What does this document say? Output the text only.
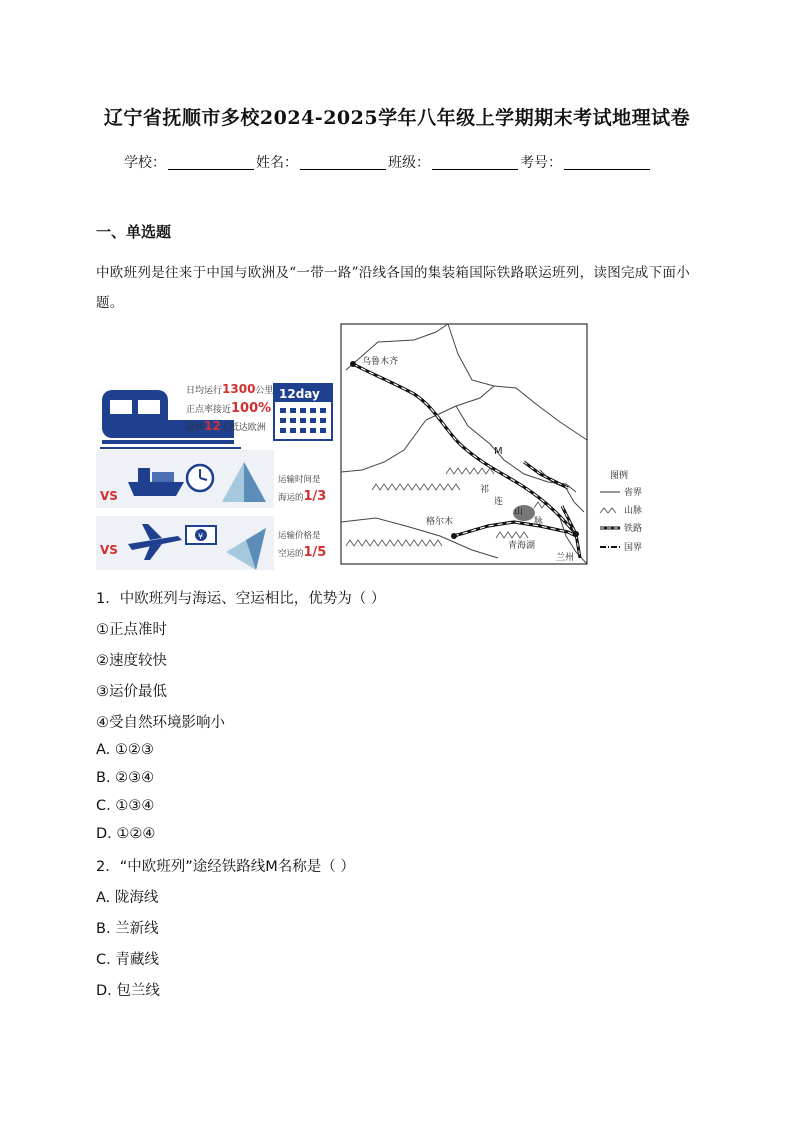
辽宁省抚顺市多校2024-2025学年八年级上学期期末考试地理试卷
学校：	姓名：	班级：	考号：
一、单选题
中欧班列是往来于中国与欧洲及“一带一路”沿线各国的集装箱国际铁路联运班列，读图完成下面小题。
日均运行1300公里
正点率接近100%
最快12天抵达欧洲
12day
VS
运输时间是
海运的1/3
VS
¥	运输价格是
空运的1/5
乌鲁木齐
M
祁
连
山
脉
格尔木
青海湖
兰州
图例
省界
山脉
铁路
国界
1．中欧班列与海运、空运相比，优势为（ ）
①正点准时
②速度较快
③运价最低
④受自然环境影响小
A. ①②③
B. ②③④
C. ①③④
D. ①②④
2．“中欧班列”途经铁路线M名称是（ ）
A. 陇海线
B. 兰新线
C. 青藏线
D. 包兰线
